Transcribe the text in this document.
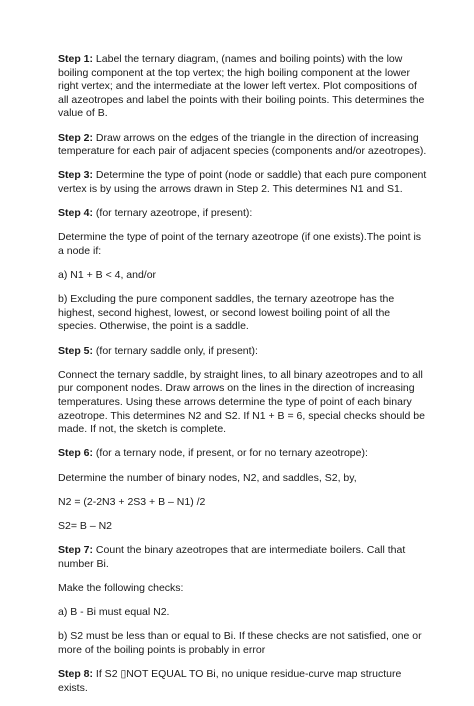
Step 1: Label the ternary diagram, (names and boiling points) with the low boiling component at the top vertex; the high boiling component at the lower right vertex; and the intermediate at the lower left vertex. Plot compositions of all azeotropes and label the points with their boiling points. This determines the value of B.

Step 2: Draw arrows on the edges of the triangle in the direction of increasing temperature for each pair of adjacent species (components and/or azeotropes).

Step 3: Determine the type of point (node or saddle) that each pure component vertex is by using the arrows drawn in Step 2. This determines N1 and S1.

Step 4: (for ternary azeotrope, if present):

Determine the type of point of the ternary azeotrope (if one exists).The point is a node if:

a) N1 + B < 4, and/or

b) Excluding the pure component saddles, the ternary azeotrope has the highest, second highest, lowest, or second lowest boiling point of all the species. Otherwise, the point is a saddle.

Step 5: (for ternary saddle only, if present):

Connect the ternary saddle, by straight lines, to all binary azeotropes and to all pur component nodes. Draw arrows on the lines in the direction of increasing temperatures. Using these arrows determine the type of point of each binary azeotrope. This determines N2 and S2. If N1 + B = 6, special checks should be made. If not, the sketch is complete.

Step 6: (for a ternary node, if present, or for no ternary azeotrope):

Determine the number of binary nodes, N2, and saddles, S2, by,

N2 = (2-2N3 + 2S3 + B – N1) /2

S2= B – N2

Step 7: Count the binary azeotropes that are intermediate boilers. Call that number Bi.

Make the following checks:

a) B - Bi must equal N2.

b) S2 must be less than or equal to Bi. If these checks are not satisfied, one or more of the boiling points is probably in error

Step 8: If S2 ▯NOT EQUAL TO Bi, no unique residue-curve map structure exists.
